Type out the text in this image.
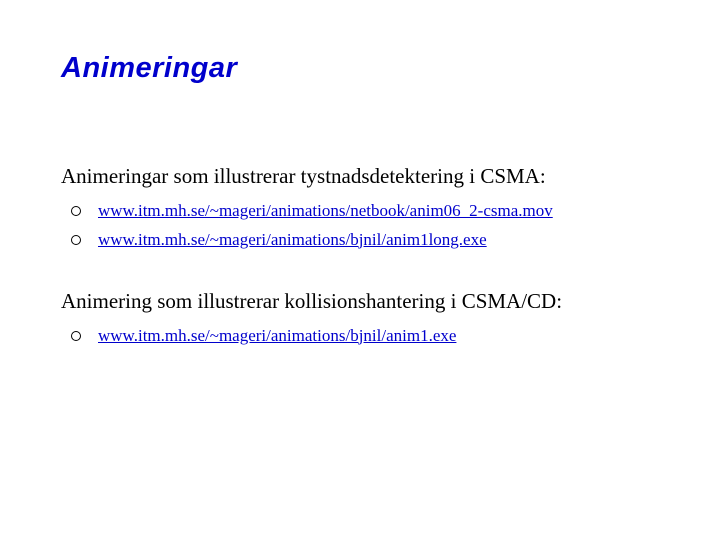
Animeringar

Animeringar som illustrerar tystnadsdetektering i CSMA:

www.itm.mh.se/~mageri/animations/netbook/anim06_2-csma.mov
www.itm.mh.se/~mageri/animations/bjnil/anim1long.exe

Animering som illustrerar kollisionshantering i CSMA/CD:

www.itm.mh.se/~mageri/animations/bjnil/anim1.exe
